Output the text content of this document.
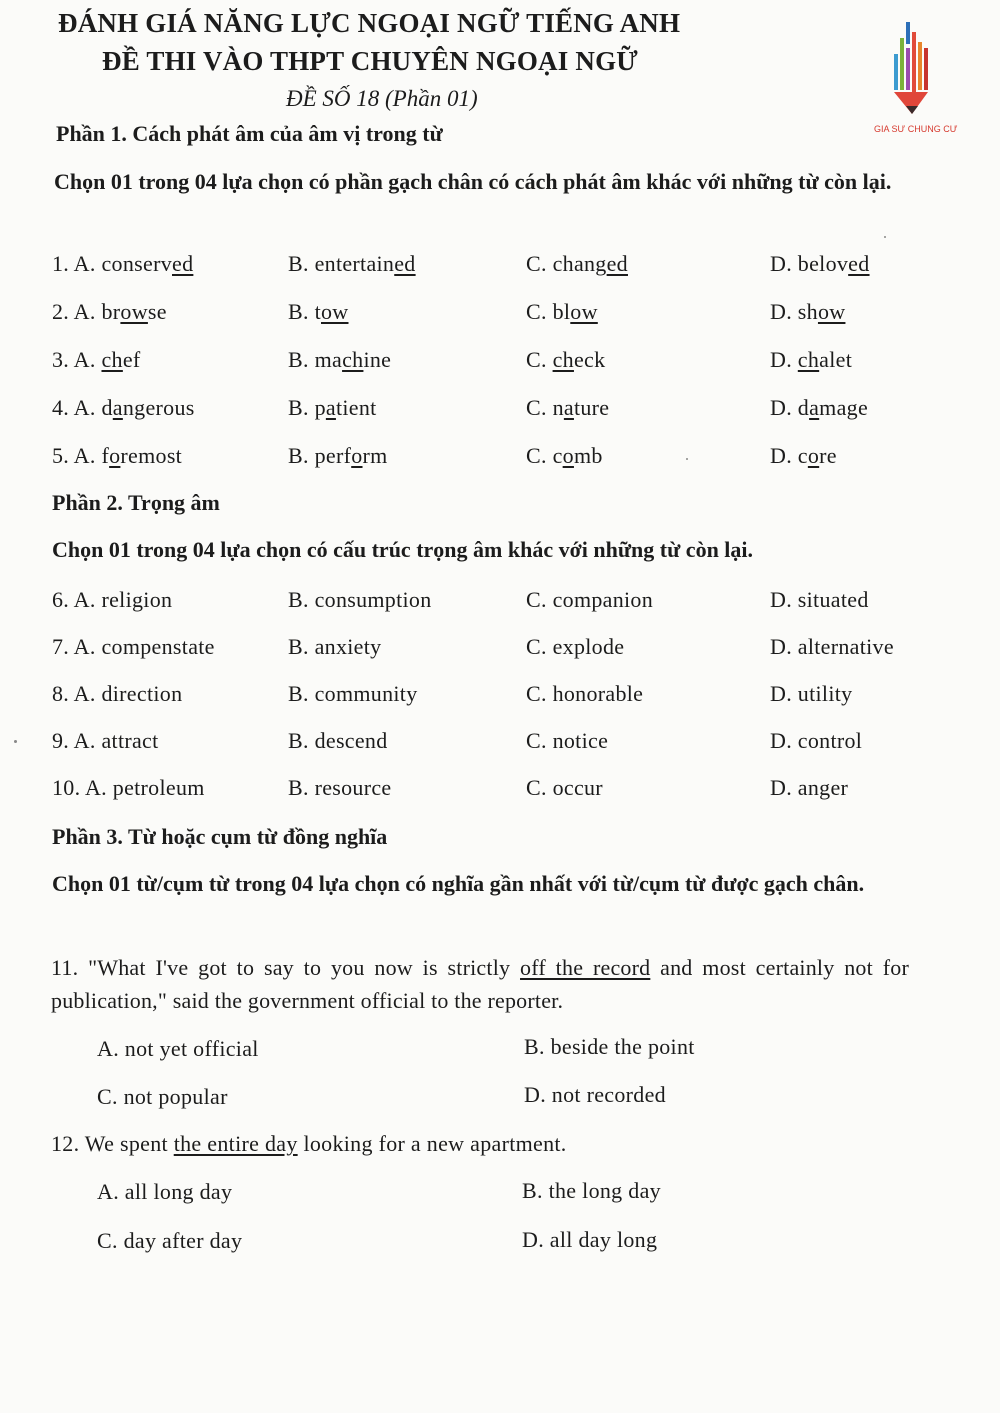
ĐÁNH GIÁ NĂNG LỰC NGOẠI NGỮ TIẾNG ANH
ĐỀ THI VÀO THPT CHUYÊN NGOẠI NGỮ
ĐỀ SỐ 18 (Phần 01)
GIA SƯ CHUNG CƯ
Phần 1. Cách phát âm của âm vị trong từ
Chọn 01 trong 04 lựa chọn có phần gạch chân có cách phát âm khác với những từ còn lại.
1. A. conserved	B. entertained	C. changed	D. beloved
2. A. browse	B. tow	C. blow	D. show
3. A. chef	B. machine	C. check	D. chalet
4. A. dangerous	B. patient	C. nature	D. damage
5. A. foremost	B. perform	C. comb	D. core
Phần 2. Trọng âm
Chọn 01 trong 04 lựa chọn có cấu trúc trọng âm khác với những từ còn lại.
6. A. religion	B. consumption	C. companion	D. situated
7. A. compenstate	B. anxiety	C. explode	D. alternative
8. A. direction	B. community	C. honorable	D. utility
9. A. attract	B. descend	C. notice	D. control
10. A. petroleum	B. resource	C. occur	D. anger
Phần 3. Từ hoặc cụm từ đồng nghĩa
Chọn 01 từ/cụm từ trong 04 lựa chọn có nghĩa gần nhất với từ/cụm từ được gạch chân.
11. "What I've got to say to you now is strictly off the record and most certainly not for publication," said the government official to the reporter.
A. not yet official	B. beside the point
C. not popular	D. not recorded
12. We spent the entire day looking for a new apartment.
A. all long day	B. the long day
C. day after day	D. all day long
